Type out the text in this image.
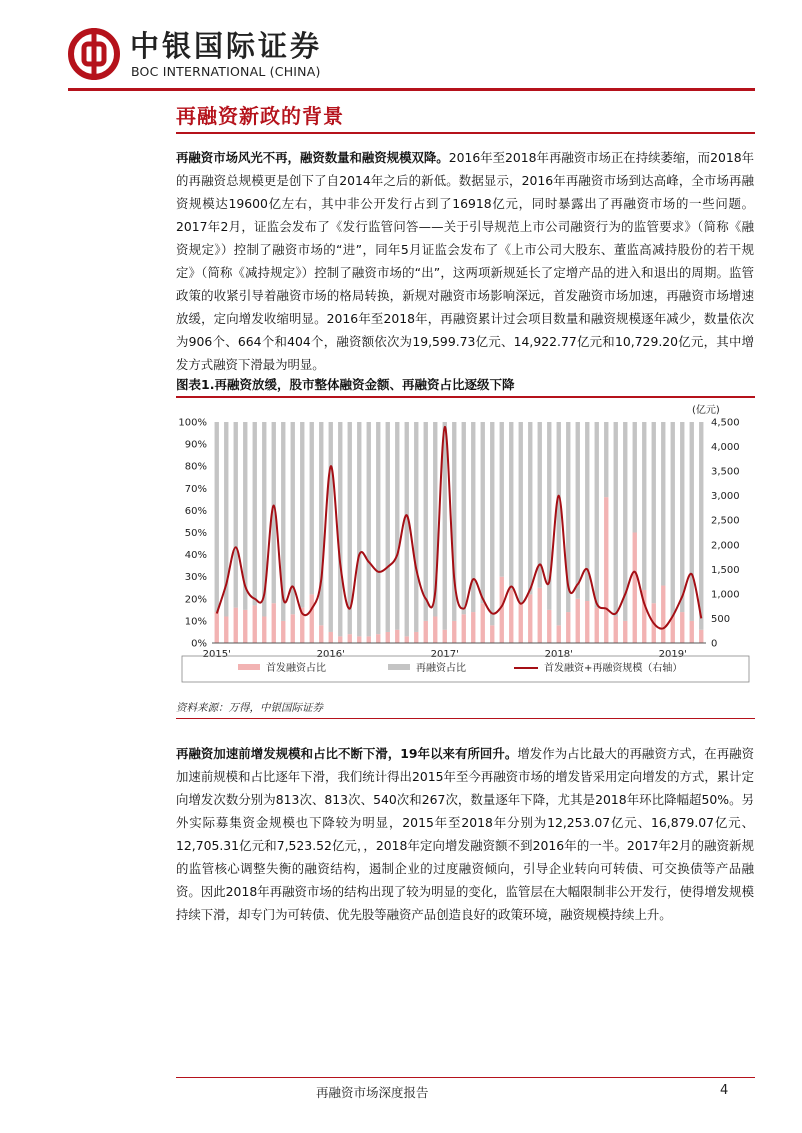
中银国际证券
BOC INTERNATIONAL (CHINA)
再融资新政的背景
再融资市场风光不再，融资数量和融资规模双降。2016年至2018年再融资市场正在持续萎缩，而2018年的再融资总规模更是创下了自2014年之后的新低。数据显示，2016年再融资市场到达高峰，全市场再融资规模达19600亿左右，其中非公开发行占到了16918亿元，同时暴露出了再融资市场的一些问题。2017年2月，证监会发布了《发行监管问答——关于引导规范上市公司融资行为的监管要求》（简称《融资规定》）控制了融资市场的“进”，同年5月证监会发布了《上市公司大股东、董监高减持股份的若干规定》（简称《减持规定》）控制了融资市场的“出”，这两项新规延长了定增产品的进入和退出的周期。监管政策的收紧引导着融资市场的格局转换，新规对融资市场影响深远，首发融资市场加速，再融资市场增速放缓，定向增发收缩明显。2016年至2018年，再融资累计过会项目数量和融资规模逐年减少，数量依次为906个、664个和404个，融资额依次为19,599.73亿元、14,922.77亿元和10,729.20亿元，其中增发方式融资下滑最为明显。
图表1.再融资放缓，股市整体融资金额、再融资占比逐级下降
0%
10%
20%
30%
40%
50%
60%
70%
80%
90%
100%
0
500
1,000
1,500
2,000
2,500
3,000
3,500
4,000
4,500
(亿元)
2015'	2016'	2017'	2018'	2019'
首发融资占比	再融资占比	首发融资+再融资规模（右轴）
资料来源：万得，中银国际证券
再融资加速前增发规模和占比不断下滑，19年以来有所回升。增发作为占比最大的再融资方式，在再融资加速前规模和占比逐年下滑，我们统计得出2015年至今再融资市场的增发皆采用定向增发的方式，累计定向增发次数分别为813次、813次、540次和267次，数量逐年下降，尤其是2018年环比降幅超50%。另外实际募集资金规模也下降较为明显，2015年至2018年分别为12,253.07亿元、16,879.07亿元、12,705.31亿元和7,523.52亿元，，2018年定向增发融资额不到2016年的一半。2017年2月的融资新规的监管核心调整失衡的融资结构，遏制企业的过度融资倾向，引导企业转向可转债、可交换债等产品融资。因此2018年再融资市场的结构出现了较为明显的变化，监管层在大幅限制非公开发行，使得增发规模持续下滑，却专门为可转债、优先股等融资产品创造良好的政策环境，融资规模持续上升。
再融资市场深度报告	4
